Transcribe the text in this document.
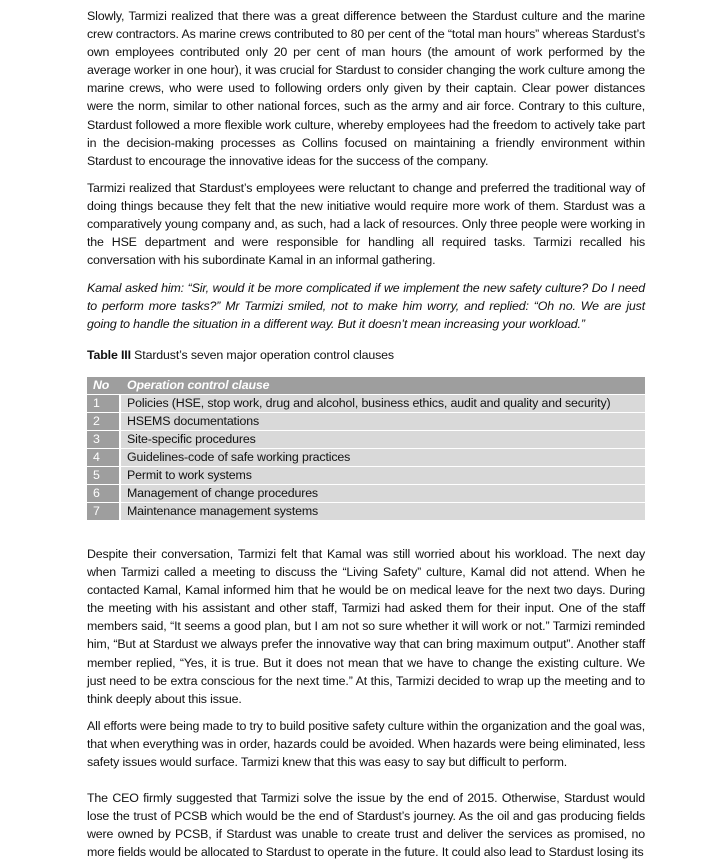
Slowly, Tarmizi realized that there was a great difference between the Stardust culture and the marine crew contractors. As marine crews contributed to 80 per cent of the “total man hours” whereas Stardust’s own employees contributed only 20 per cent of man hours (the amount of work performed by the average worker in one hour), it was crucial for Stardust to consider changing the work culture among the marine crews, who were used to following orders only given by their captain. Clear power distances were the norm, similar to other national forces, such as the army and air force. Contrary to this culture, Stardust followed a more flexible work culture, whereby employees had the freedom to actively take part in the decision-making processes as Collins focused on maintaining a friendly environment within Stardust to encourage the innovative ideas for the success of the company.

Tarmizi realized that Stardust’s employees were reluctant to change and preferred the traditional way of doing things because they felt that the new initiative would require more work of them. Stardust was a comparatively young company and, as such, had a lack of resources. Only three people were working in the HSE department and were responsible for handling all required tasks. Tarmizi recalled his conversation with his subordinate Kamal in an informal gathering.

Kamal asked him: “Sir, would it be more complicated if we implement the new safety culture? Do I need to perform more tasks?” Mr Tarmizi smiled, not to make him worry, and replied: “Oh no. We are just going to handle the situation in a different way. But it doesn’t mean increasing your workload.”

Table III Stardust’s seven major operation control clauses

No	Operation control clause
1	Policies (HSE, stop work, drug and alcohol, business ethics, audit and quality and security)
2	HSEMS documentations
3	Site-specific procedures
4	Guidelines-code of safe working practices
5	Permit to work systems
6	Management of change procedures
7	Maintenance management systems

Despite their conversation, Tarmizi felt that Kamal was still worried about his workload. The next day when Tarmizi called a meeting to discuss the “Living Safety” culture, Kamal did not attend. When he contacted Kamal, Kamal informed him that he would be on medical leave for the next two days. During the meeting with his assistant and other staff, Tarmizi had asked them for their input. One of the staff members said, “It seems a good plan, but I am not so sure whether it will work or not.” Tarmizi reminded him, “But at Stardust we always prefer the innovative way that can bring maximum output”. Another staff member replied, “Yes, it is true. But it does not mean that we have to change the existing culture. We just need to be extra conscious for the next time.” At this, Tarmizi decided to wrap up the meeting and to think deeply about this issue.

All efforts were being made to try to build positive safety culture within the organization and the goal was, that when everything was in order, hazards could be avoided. When hazards were being eliminated, less safety issues would surface. Tarmizi knew that this was easy to say but difficult to perform.

The CEO firmly suggested that Tarmizi solve the issue by the end of 2015. Otherwise, Stardust would lose the trust of PCSB which would be the end of Stardust’s journey. As the oil and gas producing fields were owned by PCSB, if Stardust was unable to create trust and deliver the services as promised, no more fields would be allocated to Stardust to operate in the future. It could also lead to Stardust losing its
